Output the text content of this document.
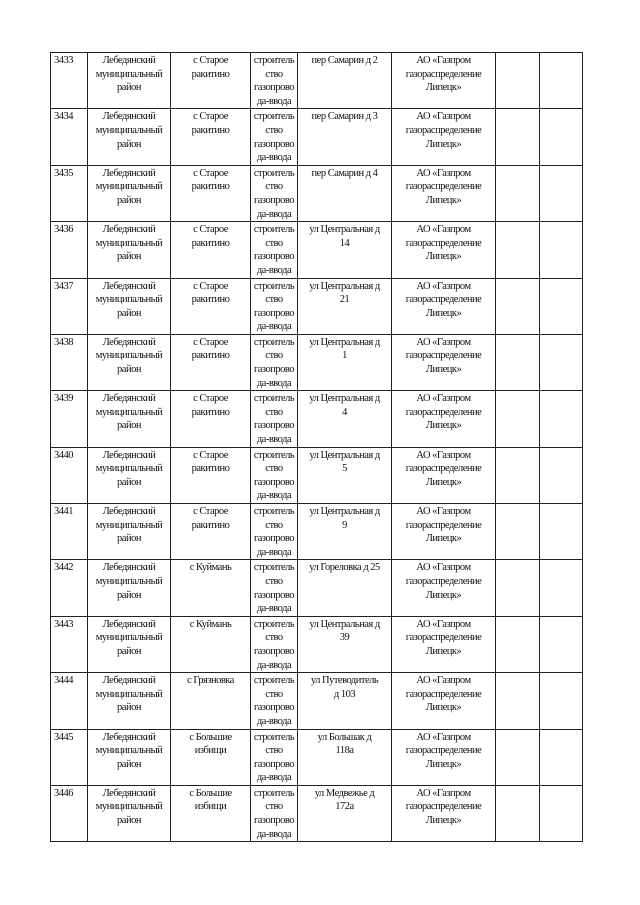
3433	Лебедянский
муниципальный
район	с Старое
ракитино	строитель
ство
газопрово
да-ввода	пер Самарин д 2	АО «Газпром
газораспределение
Липецк»		

3434	Лебедянский
муниципальный
район	с Старое
ракитино	строитель
ство
газопрово
да-ввода	пер Самарин д 3	АО «Газпром
газораспределение
Липецк»		

3435	Лебедянский
муниципальный
район	с Старое
ракитино	строитель
ство
газопрово
да-ввода	пер Самарин д 4	АО «Газпром
газораспределение
Липецк»		

3436	Лебедянский
муниципальный
район	с Старое
ракитино	строитель
ство
газопрово
да-ввода	ул Центральная д
14	АО «Газпром
газораспределение
Липецк»		

3437	Лебедянский
муниципальный
район	с Старое
ракитино	строитель
ство
газопрово
да-ввода	ул Центральная д
21	АО «Газпром
газораспределение
Липецк»		

3438	Лебедянский
муниципальный
район	с Старое
ракитино	строитель
ство
газопрово
да-ввода	ул Центральная д
1	АО «Газпром
газораспределение
Липецк»		

3439	Лебедянский
муниципальный
район	с Старое
ракитино	строитель
ство
газопрово
да-ввода	ул Центральная д
4	АО «Газпром
газораспределение
Липецк»		

3440	Лебедянский
муниципальный
район	с Старое
ракитино	строитель
ство
газопрово
да-ввода	ул Центральная д
5	АО «Газпром
газораспределение
Липецк»		

3441	Лебедянский
муниципальный
район	с Старое
ракитино	строитель
ство
газопрово
да-ввода	ул Центральная д
9	АО «Газпром
газораспределение
Липецк»		

3442	Лебедянский
муниципальный
район	с Куймань	строитель
ство
газопрово
да-ввода	ул Гореловка д 25	АО «Газпром
газораспределение
Липецк»		

3443	Лебедянский
муниципальный
район	с Куймань	строитель
ство
газопрово
да-ввода	ул Центральная д
39	АО «Газпром
газораспределение
Липецк»		

3444	Лебедянский
муниципальный
район	с Грязновка	строитель
ство
газопрово
да-ввода	ул Путеводитель
д 103	АО «Газпром
газораспределение
Липецк»		

3445	Лебедянский
муниципальный
район	с Большие
избищи	строитель
ство
газопрово
да-ввода	ул Большак д
118а	АО «Газпром
газораспределение
Липецк»		

3446	Лебедянский
муниципальный
район	с Большие
избищи	строитель
ство
газопрово
да-ввода	ул Медвежье д
172а	АО «Газпром
газораспределение
Липецк»		
